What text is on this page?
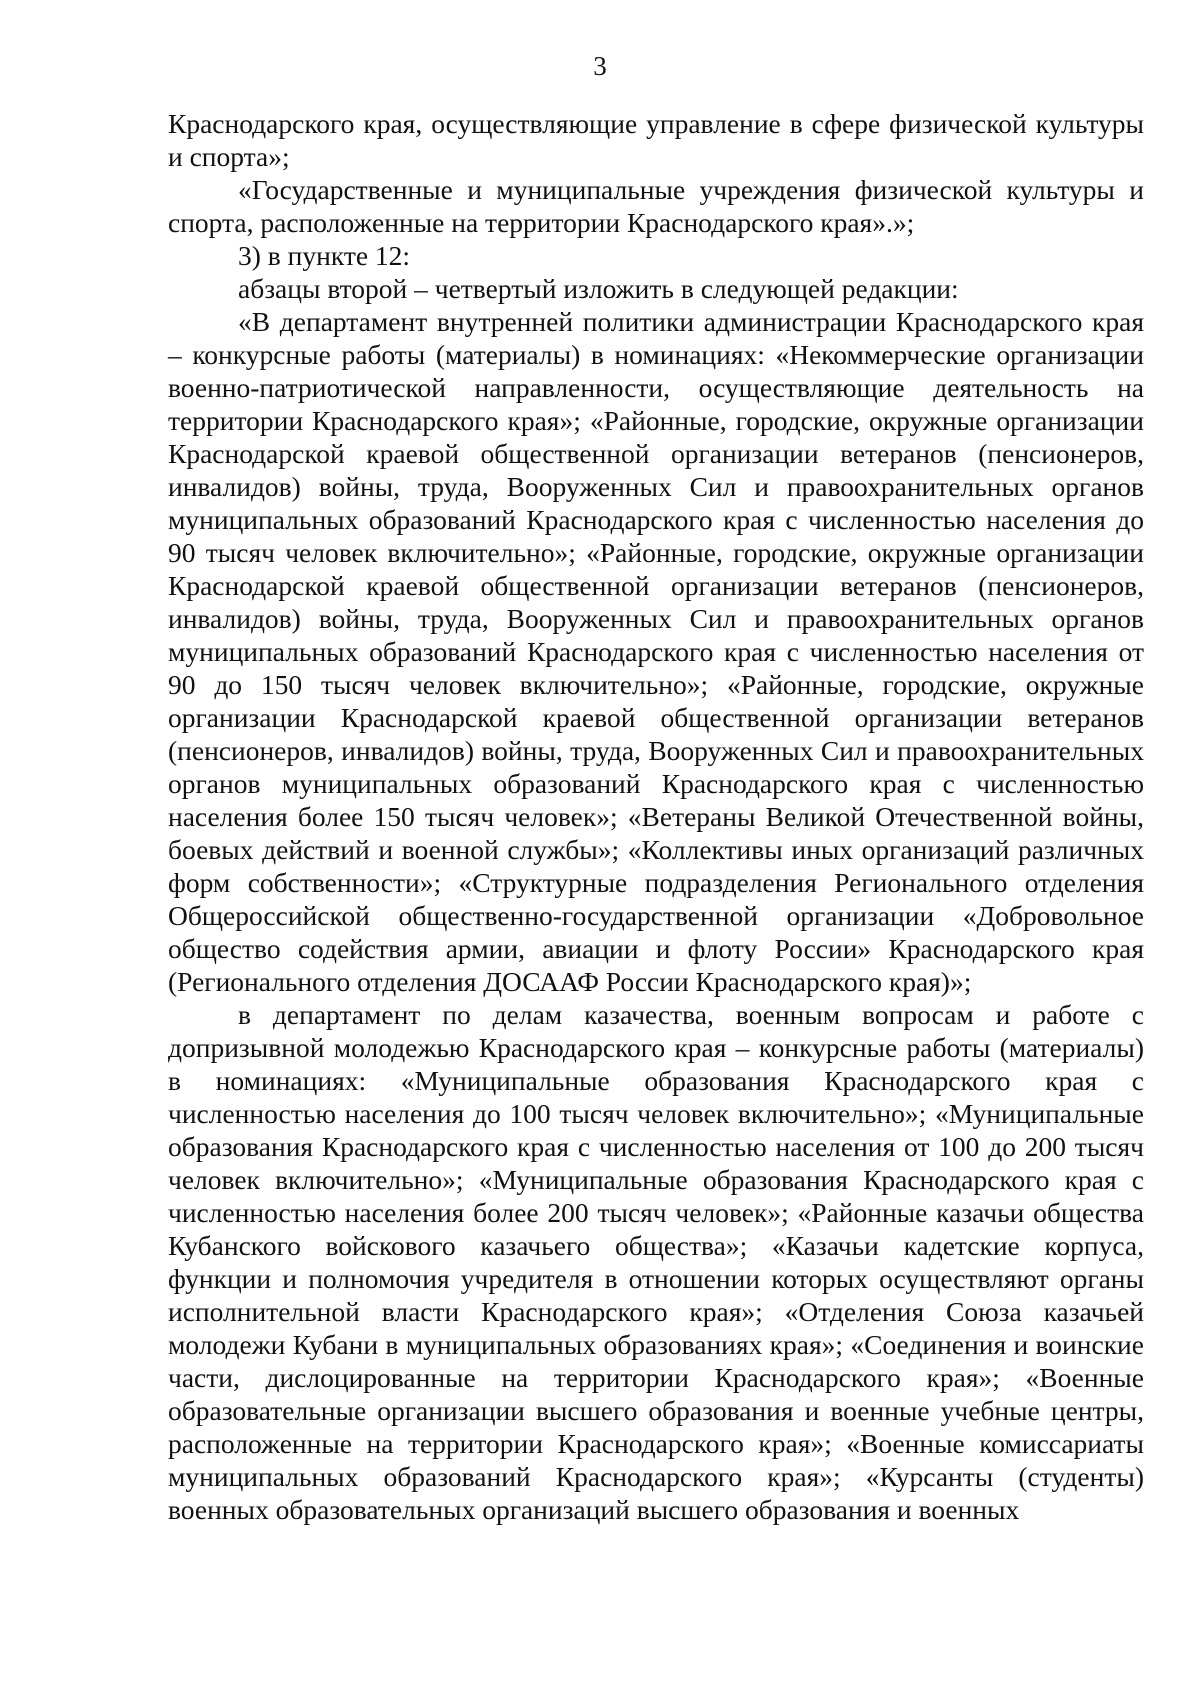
3

Краснодарского края, осуществляющие управление в сфере физической культуры и спорта»;

«Государственные и муниципальные учреждения физической культуры и спорта, расположенные на территории Краснодарского края».»;

3) в пункте 12:

абзацы второй – четвертый изложить в следующей редакции:

«В департамент внутренней политики администрации Краснодарского края – конкурсные работы (материалы) в номинациях: «Некоммерческие организации военно-патриотической направленности, осуществляющие деятельность на территории Краснодарского края»; «Районные, городские, окружные организации Краснодарской краевой общественной организации ветеранов (пенсионеров, инвалидов) войны, труда, Вооруженных Сил и правоохранительных органов муниципальных образований Краснодарского края с численностью населения до 90 тысяч человек включительно»; «Районные, городские, окружные организации Краснодарской краевой общественной организации ветеранов (пенсионеров, инвалидов) войны, труда, Вооруженных Сил и правоохранительных органов муниципальных образований Краснодарского края с численностью населения от 90 до 150 тысяч человек включительно»; «Районные, городские, окружные организации Краснодарской краевой общественной организации ветеранов (пенсионеров, инвалидов) войны, труда, Вооруженных Сил и правоохранительных органов муниципальных образований Краснодарского края с численностью населения более 150 тысяч человек»; «Ветераны Великой Отечественной войны, боевых действий и военной службы»; «Коллективы иных организаций различных форм собственности»; «Структурные подразделения Регионального отделения Общероссийской общественно-государственной организации «Добровольное общество содействия армии, авиации и флоту России» Краснодарского края (Регионального отделения ДОСААФ России Краснодарского края)»;

в департамент по делам казачества, военным вопросам и работе с допризывной молодежью Краснодарского края – конкурсные работы (материалы) в номинациях: «Муниципальные образования Краснодарского края с численностью населения до 100 тысяч человек включительно»; «Муниципальные образования Краснодарского края с численностью населения от 100 до 200 тысяч человек включительно»; «Муниципальные образования Краснодарского края с численностью населения более 200 тысяч человек»; «Районные казачьи общества Кубанского войскового казачьего общества»; «Казачьи кадетские корпуса, функции и полномочия учредителя в отношении которых осуществляют органы исполнительной власти Краснодарского края»; «Отделения Союза казачьей молодежи Кубани в муниципальных образованиях края»; «Соединения и воинские части, дислоцированные на территории Краснодарского края»; «Военные образовательные организации высшего образования и военные учебные центры, расположенные на территории Краснодарского края»; «Военные комиссариаты муниципальных образований Краснодарского края»; «Курсанты (студенты) военных образовательных организаций высшего образования и военных
